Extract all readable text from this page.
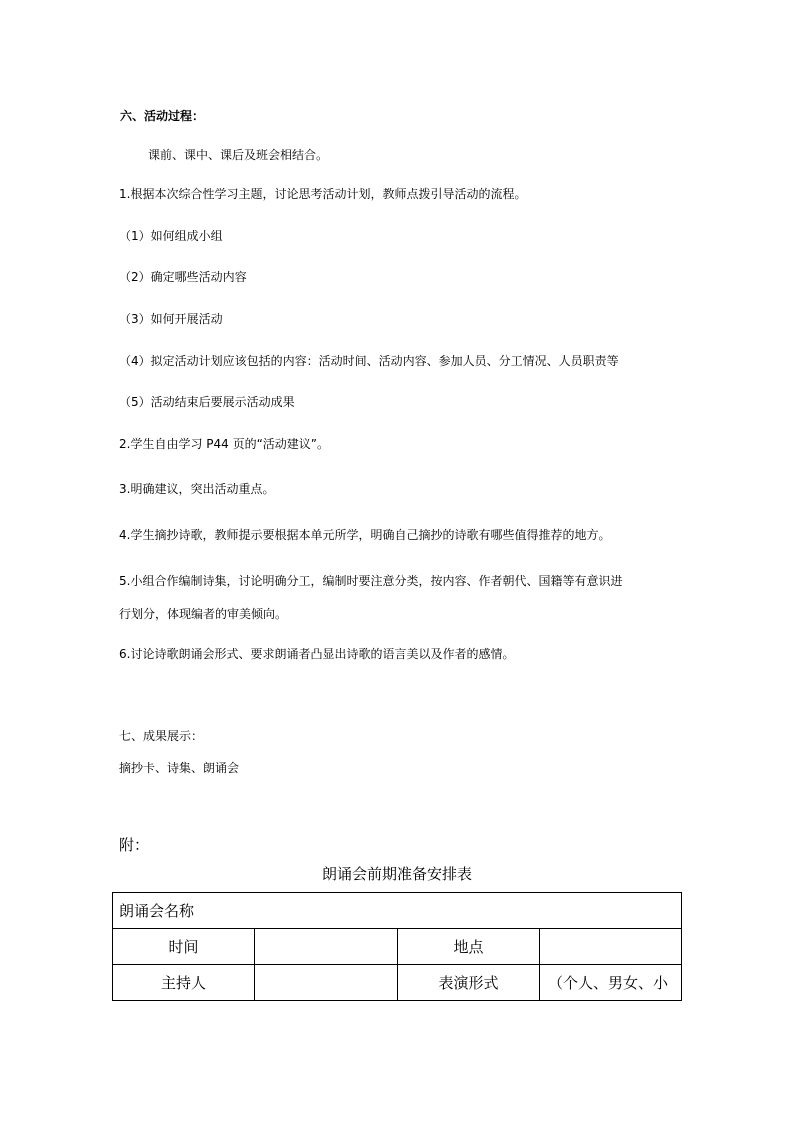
六、活动过程：
课前、课中、课后及班会相结合。
1.根据本次综合性学习主题，讨论思考活动计划，教师点拨引导活动的流程。
（1）如何组成小组
（2）确定哪些活动内容
（3）如何开展活动
（4）拟定活动计划应该包括的内容：活动时间、活动内容、参加人员、分工情况、人员职责等
（5）活动结束后要展示活动成果
2.学生自由学习 P44 页的“活动建议”。
3.明确建议，突出活动重点。
4.学生摘抄诗歌，教师提示要根据本单元所学，明确自己摘抄的诗歌有哪些值得推荐的地方。
5.小组合作编制诗集，讨论明确分工，编制时要注意分类，按内容、作者朝代、国籍等有意识进
行划分，体现编者的审美倾向。
6.讨论诗歌朗诵会形式、要求朗诵者凸显出诗歌的语言美以及作者的感情。
七、成果展示：
摘抄卡、诗集、朗诵会
附：
朗诵会前期准备安排表
朗诵会名称			
时间		地点	
主持人		表演形式	（个人、男女、小
